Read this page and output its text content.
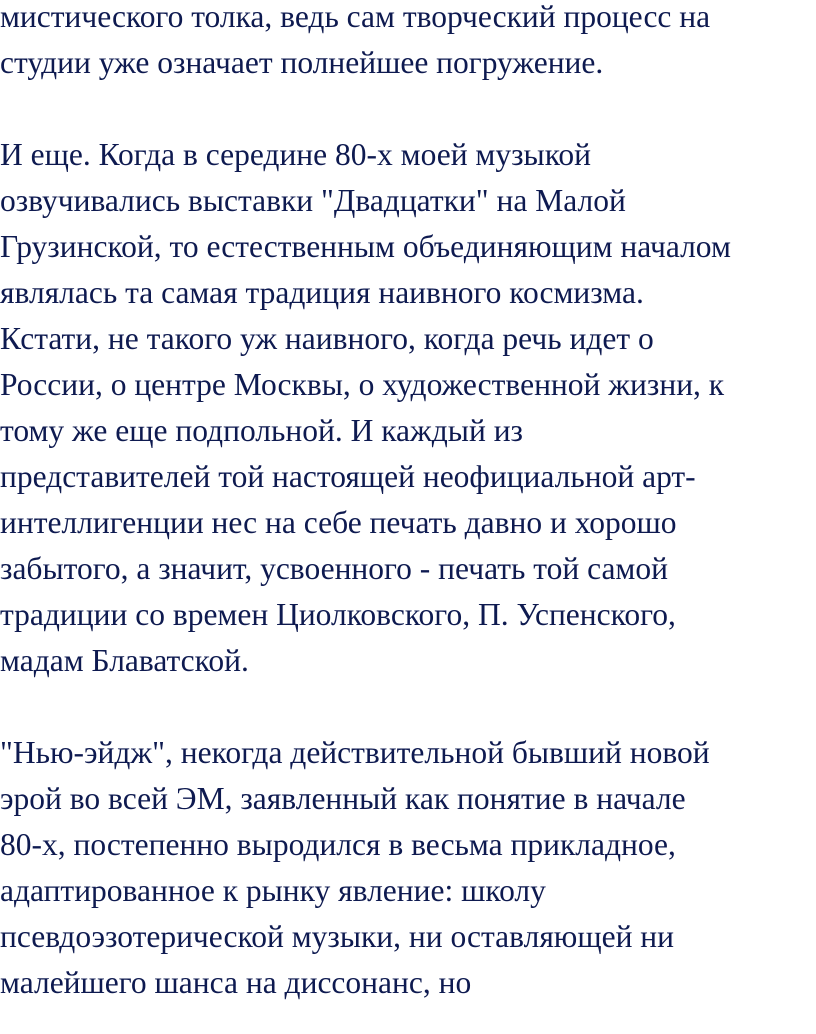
мистического толка, ведь сам творческий процесс на
студии уже означает полнейшее погружение.
И еще. Когда в середине 80-х моей музыкой
озвучивались выставки "Двадцатки" на Малой
Грузинской, то естественным объединяющим началом
являлась та самая традиция наивного космизма.
Кстати, не такого уж наивного, когда речь идет о
России, о центре Москвы, о художественной жизни, к
тому же еще подпольной. И каждый из
представителей той настоящей неофициальной арт-
интеллигенции нес на себе печать давно и хорошо
забытого, а значит, усвоенного - печать той самой
традиции со времен Циолковского, П. Успенского,
мадам Блаватской.
"Нью-эйдж", некогда действительной бывший новой
эрой во всей ЭМ, заявленный как понятие в начале
80-х, постепенно выродился в весьма прикладное,
адаптированное к рынку явление: школу
псевдоэзотерической музыки, ни оставляющей ни
малейшего шанса на диссонанс, но
